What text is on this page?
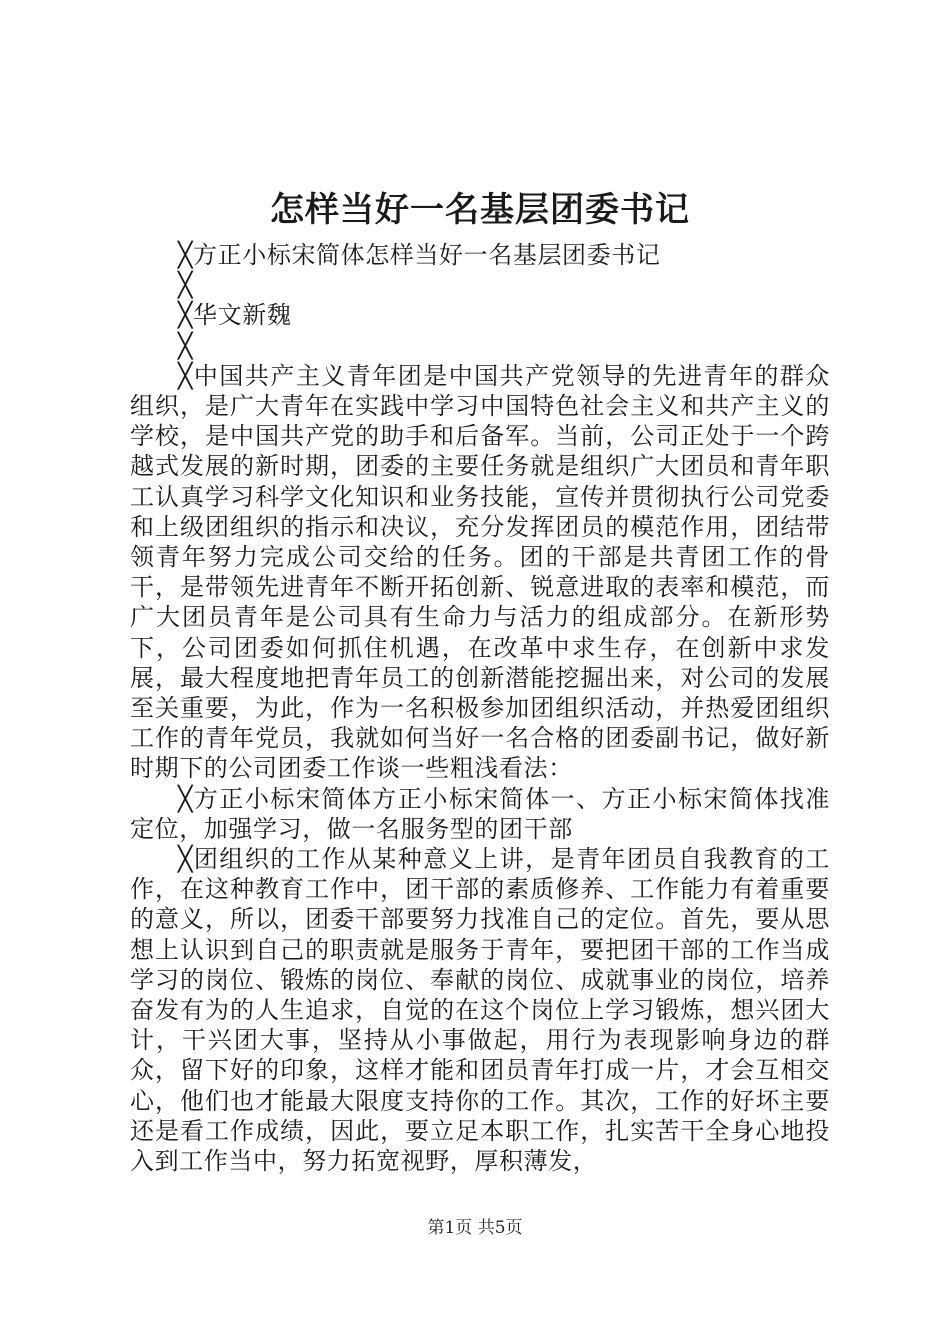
怎样当好一名基层团委书记

╳方正小标宋简体怎样当好一名基层团委书记

╳

╳华文新魏

╳

╳中国共产主义青年团是中国共产党领导的先进青年的群众组织，是广大青年在实践中学习中国特色社会主义和共产主义的学校，是中国共产党的助手和后备军。当前，公司正处于一个跨越式发展的新时期，团委的主要任务就是组织广大团员和青年职工认真学习科学文化知识和业务技能，宣传并贯彻执行公司党委和上级团组织的指示和决议，充分发挥团员的模范作用，团结带领青年努力完成公司交给的任务。团的干部是共青团工作的骨干，是带领先进青年不断开拓创新、锐意进取的表率和模范，而广大团员青年是公司具有生命力与活力的组成部分。在新形势下，公司团委如何抓住机遇，在改革中求生存，在创新中求发展，最大程度地把青年员工的创新潜能挖掘出来，对公司的发展至关重要，为此，作为一名积极参加团组织活动，并热爱团组织工作的青年党员，我就如何当好一名合格的团委副书记，做好新时期下的公司团委工作谈一些粗浅看法：

╳方正小标宋简体方正小标宋简体一、方正小标宋简体找准定位，加强学习，做一名服务型的团干部

╳团组织的工作从某种意义上讲，是青年团员自我教育的工作，在这种教育工作中，团干部的素质修养、工作能力有着重要的意义，所以，团委干部要努力找准自己的定位。首先，要从思想上认识到自己的职责就是服务于青年，要把团干部的工作当成学习的岗位、锻炼的岗位、奉献的岗位、成就事业的岗位，培养奋发有为的人生追求，自觉的在这个岗位上学习锻炼，想兴团大计，干兴团大事，坚持从小事做起，用行为表现影响身边的群众，留下好的印象，这样才能和团员青年打成一片，才会互相交心，他们也才能最大限度支持你的工作。其次，工作的好坏主要还是看工作成绩，因此，要立足本职工作，扎实苦干全身心地投入到工作当中，努力拓宽视野，厚积薄发，

第1页 共5页
